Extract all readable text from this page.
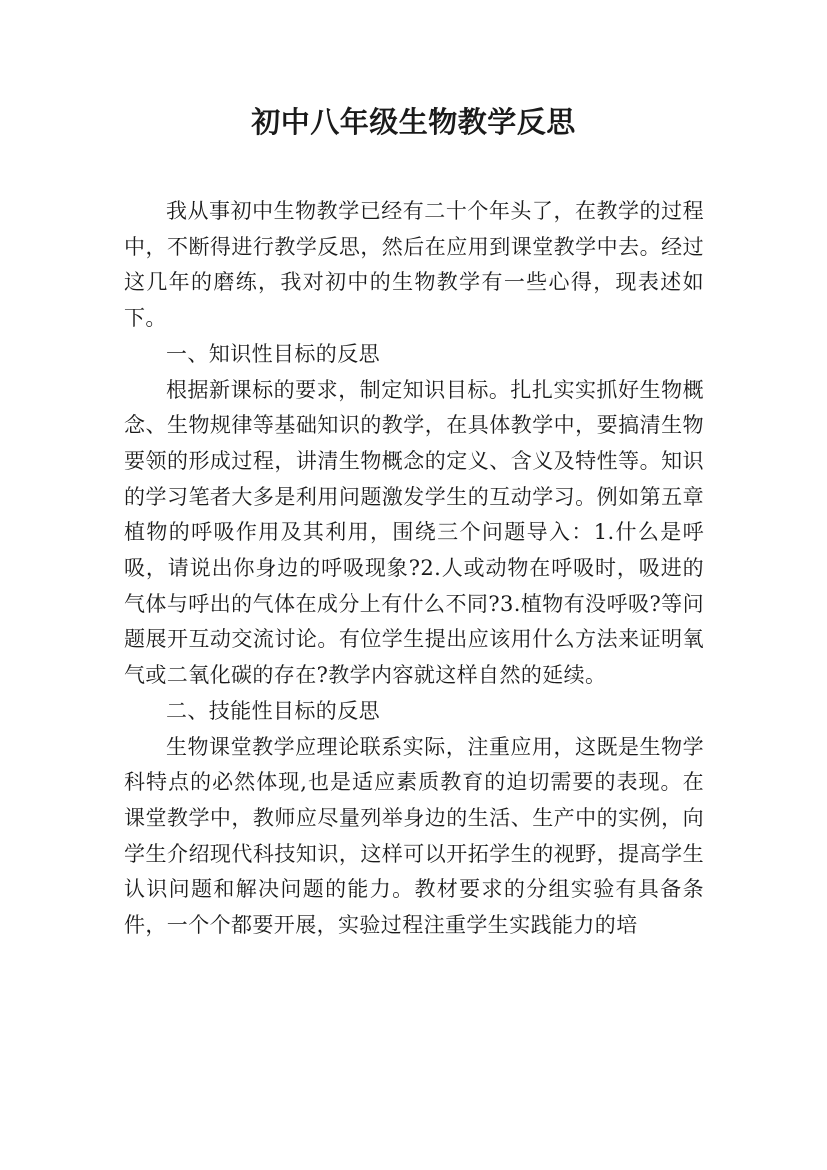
初中八年级生物教学反思

我从事初中生物教学已经有二十个年头了，在教学的过程中，不断得进行教学反思，然后在应用到课堂教学中去。经过这几年的磨练，我对初中的生物教学有一些心得，现表述如下。

一、知识性目标的反思

根据新课标的要求，制定知识目标。扎扎实实抓好生物概念、生物规律等基础知识的教学，在具体教学中，要搞清生物要领的形成过程，讲清生物概念的定义、含义及特性等。知识的学习笔者大多是利用问题激发学生的互动学习。例如第五章植物的呼吸作用及其利用，围绕三个问题导入：1.什么是呼吸，请说出你身边的呼吸现象?2.人或动物在呼吸时，吸进的气体与呼出的气体在成分上有什么不同?3.植物有没呼吸?等问题展开互动交流讨论。有位学生提出应该用什么方法来证明氧气或二氧化碳的存在?教学内容就这样自然的延续。

二、技能性目标的反思

生物课堂教学应理论联系实际，注重应用，这既是生物学科特点的必然体现,也是适应素质教育的迫切需要的表现。在课堂教学中，教师应尽量列举身边的生活、生产中的实例，向学生介绍现代科技知识，这样可以开拓学生的视野，提高学生认识问题和解决问题的能力。教材要求的分组实验有具备条件，一个个都要开展，实验过程注重学生实践能力的培
